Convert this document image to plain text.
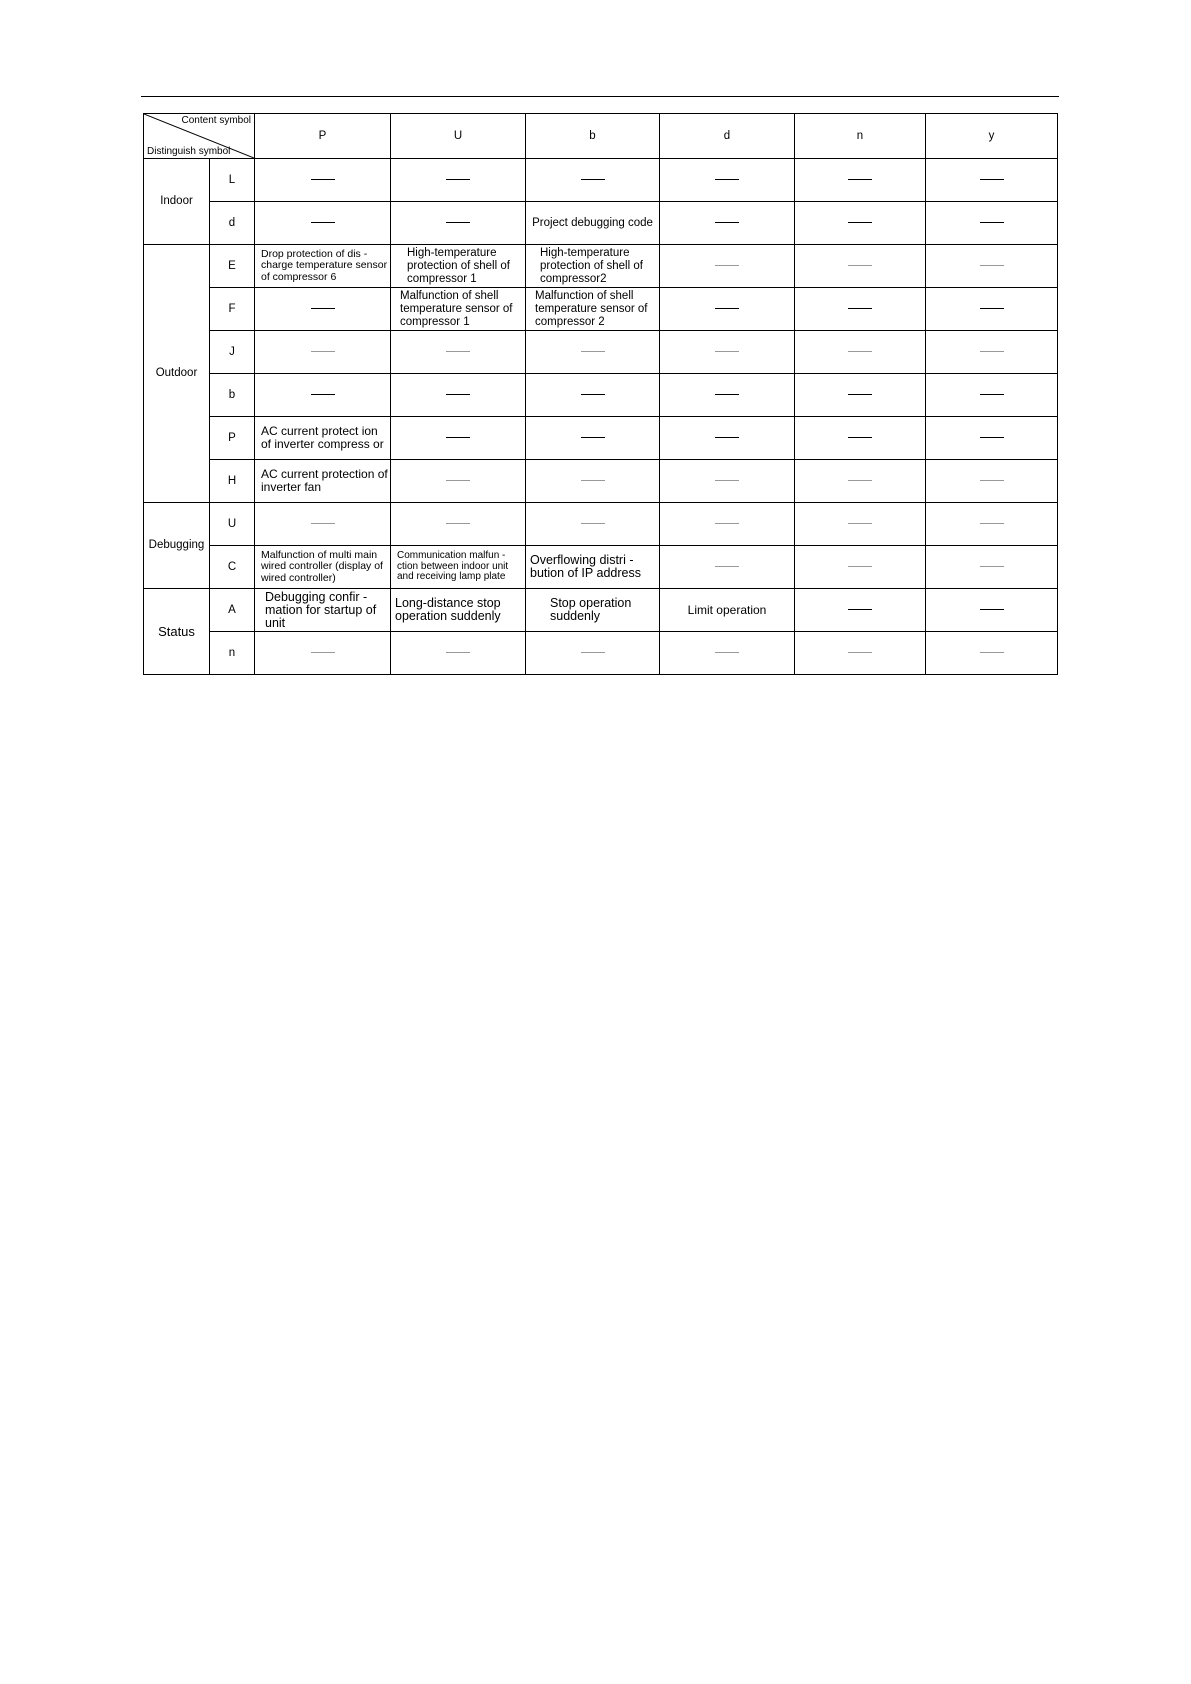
Content symbol
Distinguish symbol		P	U	b	d	n	y
Indoor	L						
	d			Project debugging code			
Outdoor	E	Drop protection of dis -charge temperature sensor of compressor 6	High-temperature protection of shell of compressor 1	High-temperature protection of shell of compressor2			
	F		Malfunction of shell temperature sensor of compressor 1	Malfunction of shell temperature sensor of compressor 2			
	J						
	b						
	P	AC current protect ion of inverter compress or					
	H	AC current protection of inverter fan					
Debugging	U						
	C	Malfunction of multi main wired controller (display of wired controller)	Communication malfun -ction between indoor unit and receiving lamp plate	Overflowing distri -bution of IP address			
Status	A	Debugging confir -mation for startup of unit	Long-distance stop operation suddenly	Stop operation suddenly	Limit operation		
	n						
